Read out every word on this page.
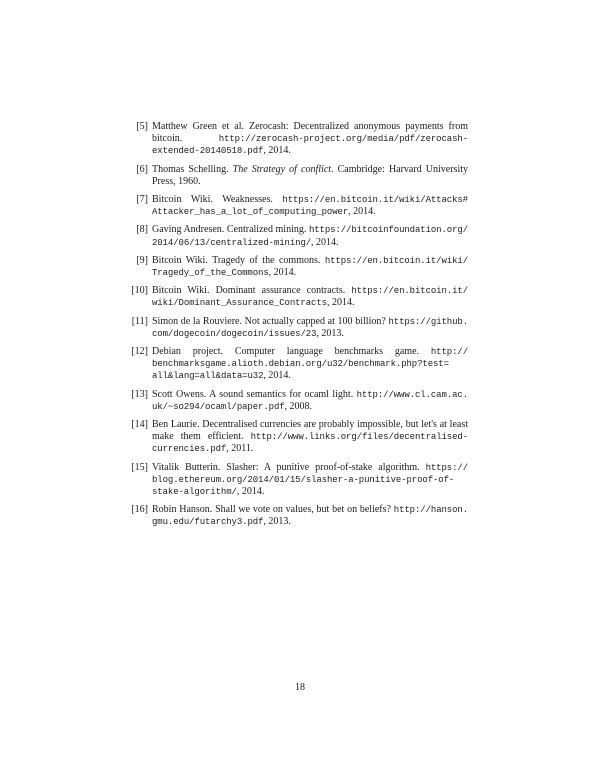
[5] Matthew Green et al. Zerocash: Decentralized anonymous payments from bitcoin. http://zerocash-project.org/media/pdf/zerocash-extended-20140518.pdf, 2014.
[6] Thomas Schelling. The Strategy of conflict. Cambridge: Harvard University Press, 1960.
[7] Bitcoin Wiki. Weaknesses. https://en.bitcoin.it/wiki/Attacks#Attacker_has_a_lot_of_computing_power, 2014.
[8] Gaving Andresen. Centralized mining. https://bitcoinfoundation.org/2014/06/13/centralized-mining/, 2014.
[9] Bitcoin Wiki. Tragedy of the commons. https://en.bitcoin.it/wiki/Tragedy_of_the_Commons, 2014.
[10] Bitcoin Wiki. Dominant assurance contracts. https://en.bitcoin.it/wiki/Dominant_Assurance_Contracts, 2014.
[11] Simon de la Rouviere. Not actually capped at 100 billion? https://github.com/dogecoin/dogecoin/issues/23, 2013.
[12] Debian project. Computer language benchmarks game. http://benchmarksgame.alioth.debian.org/u32/benchmark.php?test=all&lang=all&data=u32, 2014.
[13] Scott Owens. A sound semantics for ocaml light. http://www.cl.cam.ac.uk/~so294/ocaml/paper.pdf, 2008.
[14] Ben Laurie. Decentralised currencies are probably impossible, but let's at least make them efficient. http://www.links.org/files/decentralised-currencies.pdf, 2011.
[15] Vitalik Butterin. Slasher: A punitive proof-of-stake algorithm. https://blog.ethereum.org/2014/01/15/slasher-a-punitive-proof-of-stake-algorithm/, 2014.
[16] Robin Hanson. Shall we vote on values, but bet on beliefs? http://hanson.gmu.edu/futarchy3.pdf, 2013.
18
